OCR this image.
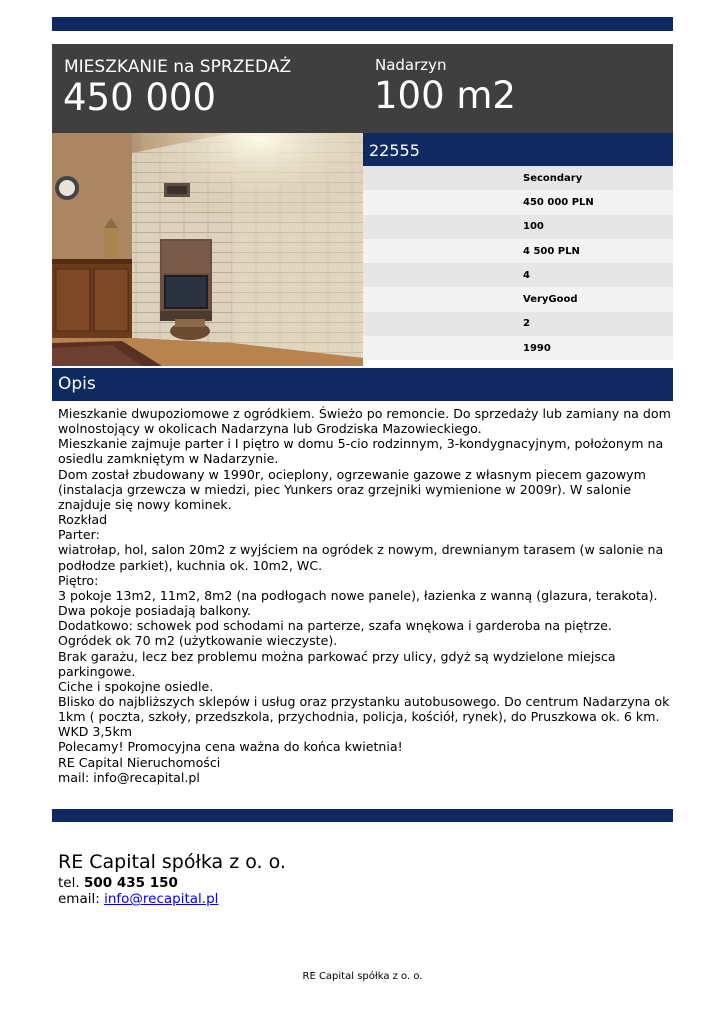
MIESZKANIE na SPRZEDAŻ
450 000
Nadarzyn
100 m2
22555
Secondary
450 000 PLN
100
4 500 PLN
4
VeryGood
2
1990
Opis
Mieszkanie dwupoziomowe z ogródkiem. Świeżo po remoncie. Do sprzedaży lub zamiany na dom
wolnostojący w okolicach Nadarzyna lub Grodziska Mazowieckiego.
Mieszkanie zajmuje parter i I piętro w domu 5-cio rodzinnym, 3-kondygnacyjnym, położonym na
osiedlu zamkniętym w Nadarzynie.
Dom został zbudowany w 1990r, ocieplony, ogrzewanie gazowe z własnym piecem gazowym
(instalacja grzewcza w miedzi, piec Yunkers oraz grzejniki wymienione w 2009r). W salonie
znajduje się nowy kominek.
Rozkład
Parter:
wiatrołap, hol, salon 20m2 z wyjściem na ogródek z nowym, drewnianym tarasem (w salonie na
podłodze parkiet), kuchnia ok. 10m2, WC.
Piętro:
3 pokoje 13m2, 11m2, 8m2 (na podłogach nowe panele), łazienka z wanną (glazura, terakota).
Dwa pokoje posiadają balkony.
Dodatkowo: schowek pod schodami na parterze, szafa wnękowa i garderoba na piętrze.
Ogródek ok 70 m2 (użytkowanie wieczyste).
Brak garażu, lecz bez problemu można parkować przy ulicy, gdyż są wydzielone miejsca
parkingowe.
Ciche i spokojne osiedle.
Blisko do najbliższych sklepów i usług oraz przystanku autobusowego. Do centrum Nadarzyna ok
1km ( poczta, szkoły, przedszkola, przychodnia, policja, kościół, rynek), do Pruszkowa ok. 6 km.
WKD 3,5km
Polecamy! Promocyjna cena ważna do końca kwietnia!
RE Capital Nieruchomości
mail: info@recapital.pl
RE Capital spółka z o. o.
tel. 500 435 150
email: info@recapital.pl
RE Capital spółka z o. o.
